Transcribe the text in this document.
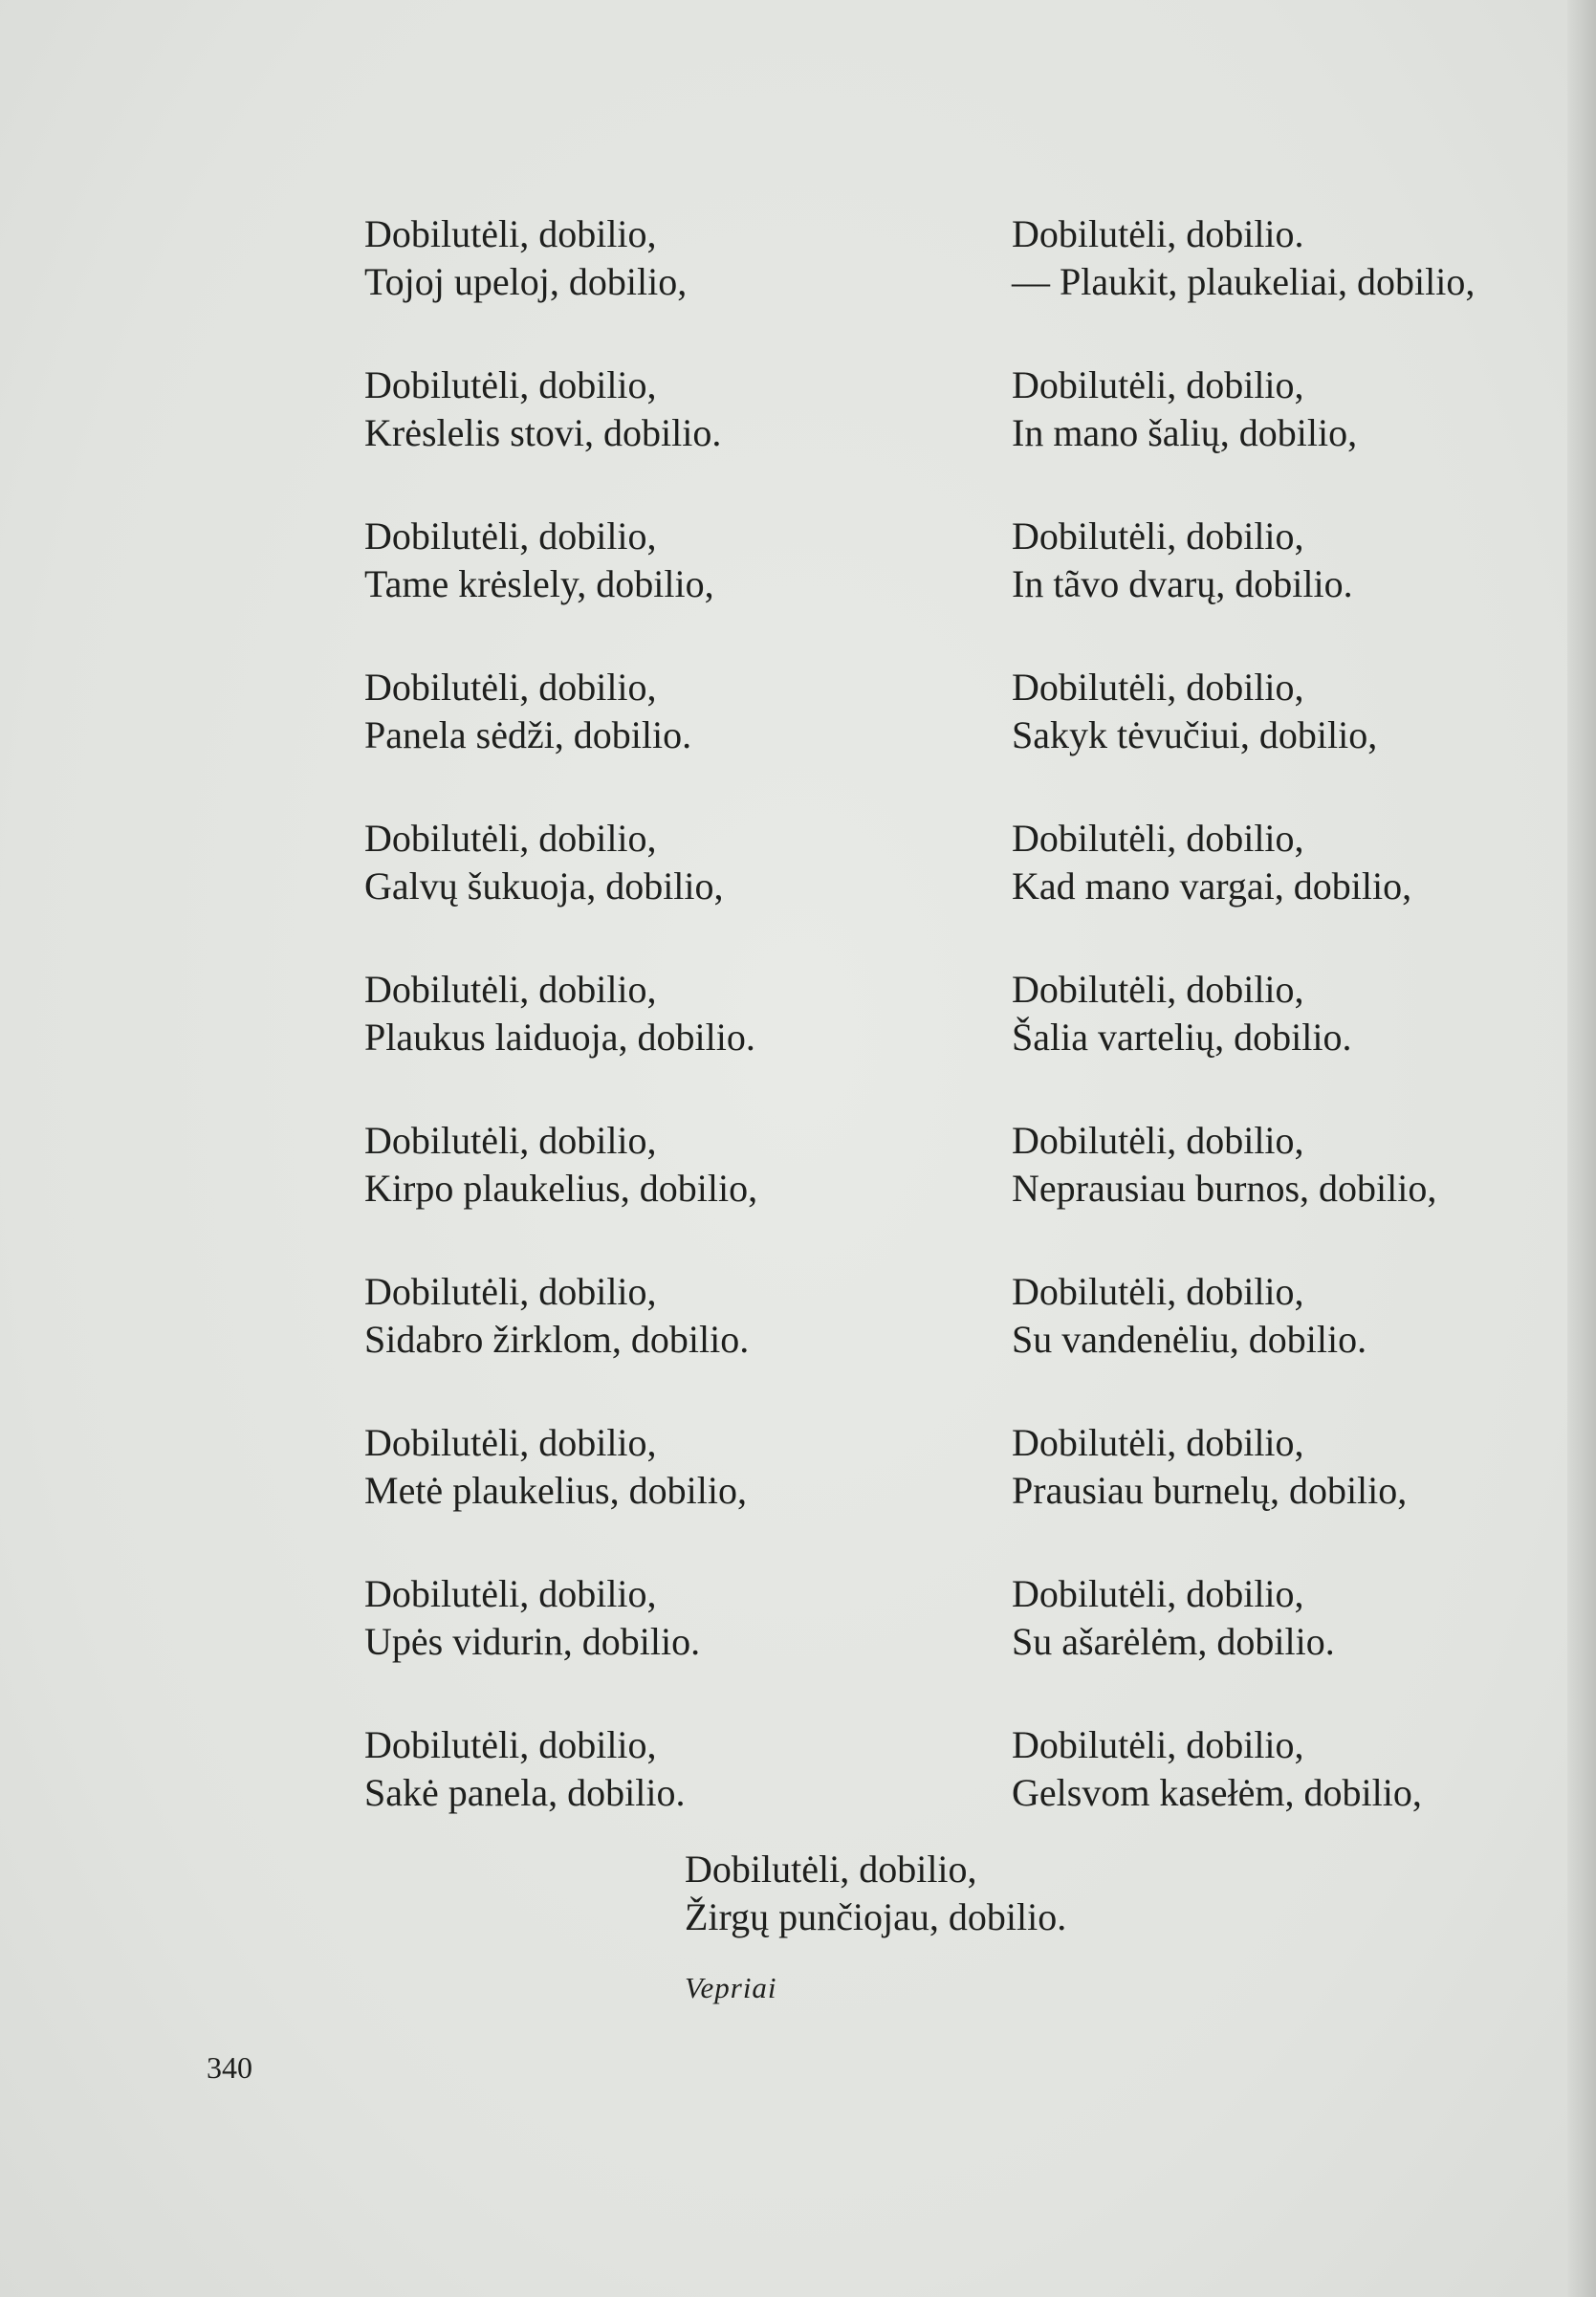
Dobilutėli, dobilio,
Tojoj upeloj, dobilio,
Dobilutėli, dobilio,
Krėslelis stovi, dobilio.
Dobilutėli, dobilio,
Tame krėslely, dobilio,
Dobilutėli, dobilio,
Panela sėdži, dobilio.
Dobilutėli, dobilio,
Galvų šukuoja, dobilio,
Dobilutėli, dobilio,
Plaukus laiduoja, dobilio.
Dobilutėli, dobilio,
Kirpo plaukelius, dobilio,
Dobilutėli, dobilio,
Sidabro žirklom, dobilio.
Dobilutėli, dobilio,
Metė plaukelius, dobilio,
Dobilutėli, dobilio,
Upės vidurin, dobilio.
Dobilutėli, dobilio,
Sakė panela, dobilio.
Dobilutėli, dobilio.
— Plaukit, plaukeliai, dobilio,
Dobilutėli, dobilio,
In mano šalių, dobilio,
Dobilutėli, dobilio,
In tãvo dvarų, dobilio.
Dobilutėli, dobilio,
Sakyk tėvučiui, dobilio,
Dobilutėli, dobilio,
Kad mano vargai, dobilio,
Dobilutėli, dobilio,
Šalia vartelių, dobilio.
Dobilutėli, dobilio,
Neprausiau burnos, dobilio,
Dobilutėli, dobilio,
Su vandenėliu, dobilio.
Dobilutėli, dobilio,
Prausiau burnelų, dobilio,
Dobilutėli, dobilio,
Su ašarėlėm, dobilio.
Dobilutėli, dobilio,
Gelsvom kasełėm, dobilio,
Dobilutėli, dobilio,
Žirgų punčiojau, dobilio.
Vepriai
340
